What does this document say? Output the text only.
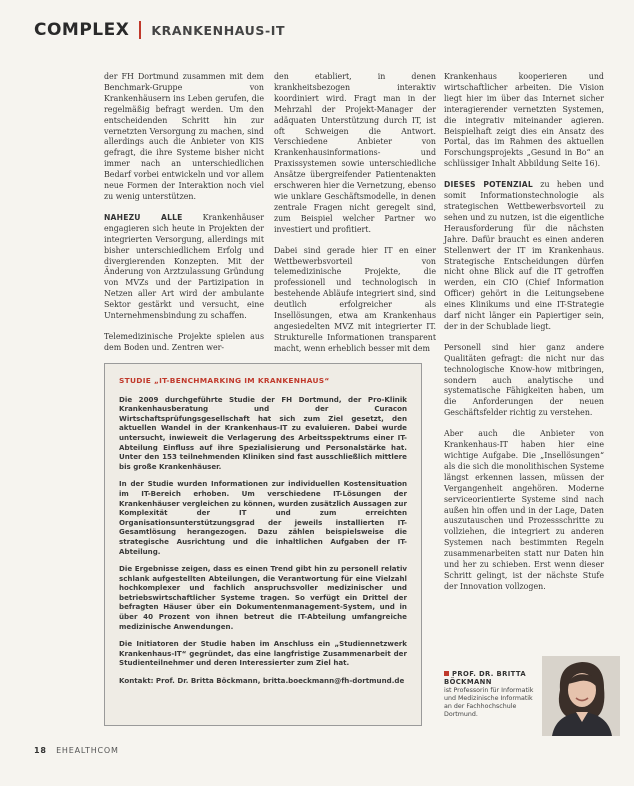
COMPLEX KRANKENHAUS-IT

der FH Dortmund zusammen mit dem Benchmark-Gruppe von Krankenhäusern ins Leben gerufen, die regelmäßig befragt werden. Um den entscheidenden Schritt hin zur vernetzten Versorgung zu machen, sind allerdings auch die Anbieter von KIS gefragt, die ihre Systeme bisher nicht immer nach an unterschiedlichen Bedarf vorbei entwickeln und vor allem neue Formen der Interaktion noch viel zu wenig unterstützen.

NAHEZU ALLE	Krankenhäuser engagieren sich heute in Projekten der integrierten Versorgung, allerdings mit bisher unterschiedlichem Erfolg und divergierenden Konzepten. Mit der Änderung von Arztzulassung Gründung von MVZs und der Partizipation in Netzen aller Art wird der ambulante Sektor gestärkt und versucht, eine Unternehmensbindung zu schaffen.

Telemedizinische Projekte spielen aus dem Boden und. Zentren wer-

den etabliert, in denen krankheitsbezogen interaktiv koordiniert wird. Fragt man in der Mehrzahl der Projekt-Manager der adäquaten Unterstützung durch IT, ist oft Schweigen die Antwort. Verschiedene Anbieter von Krankenhausinformations- und Praxissystemen sowie unterschiedliche Ansätze übergreifender Patientenakten erschweren hier die Vernetzung, ebenso wie unklare Geschäftsmodelle, in denen zentrale Fragen nicht geregelt sind, zum Beispiel welcher Partner wo investiert und profitiert.

Dabei sind gerade hier IT en einer Wettbewerbsvorteil von telemedizinische Projekte, die professionell und technologisch in bestehende Abläufe integriert sind, sind deutlich erfolgreicher als Insellösungen, etwa am Krankenhaus angesiedelten MVZ mit integrierter IT. Strukturelle Informationen transparent macht, wenn erheblich besser mit dem

Krankenhaus kooperieren und wirtschaftlicher arbeiten. Die Vision liegt hier im über das Internet sicher interagierender vernetzten Systemen, die integrativ miteinander agieren. Beispielhaft zeigt dies ein Ansatz des Portal, das im Rahmen des aktuellen Forschungsprojekts „Gesund in Bo“ an schlüssiger Inhalt Abbildung Seite 16).

DIESES POTENZIAL zu heben und somit Informationstechnologie als strategischen Wettbewerbsvorteil zu sehen und zu nutzen, ist die eigentliche Herausforderung für die nächsten Jahre. Dafür braucht es einen anderen Stellenwert der IT im Krankenhaus. Strategische Entscheidungen dürfen nicht ohne Blick auf die IT getroffen werden, ein CIO (Chief Information Officer) gehört in die Leitungsebene eines Klinikums und eine IT-Strategie darf nicht länger ein Papiertiger sein, der in der Schublade liegt.

Personell sind hier ganz andere Qualitäten gefragt: die nicht nur das technologische Know-how mitbringen, sondern auch analytische und systematische Fähigkeiten haben, um die Anforderungen der neuen Geschäftsfelder richtig zu verstehen.

Aber auch die Anbieter von Krankenhaus-IT haben hier eine wichtige Aufgabe. Die „Insellösungen“ als die sich die monolithischen Systeme längst erkennen lassen, müssen der Vergangenheit angehören. Moderne serviceorientierte Systeme sind nach außen hin offen und in der Lage, Daten auszutauschen und Prozessschritte zu vollziehen, die integriert zu anderen Systemen nach bestimmten Regeln zusammenarbeiten statt nur Daten hin und her zu schieben. Erst wenn dieser Schritt gelingt, ist der nächste Stufe der Innovation vollzogen.

STUDIE „IT-BENCHMARKING IM KRANKENHAUS“

Die 2009 durchgeführte Studie der FH Dortmund, der Pro-Klinik Krankenhausberatung und der Curacon Wirtschaftsprüfungsgesellschaft hat sich zum Ziel gesetzt, den aktuellen Wandel in der Krankenhaus-IT zu evaluieren. Dabei wurde untersucht, inwieweit die Verlagerung des Arbeitsspektrums einer IT-Abteilung Einfluss auf ihre Spezialisierung und Personalstärke hat. Unter den 153 teilnehmenden Kliniken sind fast ausschließlich mittlere bis große Krankenhäuser.

In der Studie wurden Informationen zur individuellen Kostensituation im IT-Bereich erhoben. Um verschiedene IT-Lösungen der Krankenhäuser vergleichen zu können, wurden zusätzlich Aussagen zur Komplexität der IT und zum erreichten Organisationsunterstützungsgrad der jeweils installierten IT-Gesamtlösung herangezogen. Dazu zählen beispielsweise die strategische Ausrichtung und die inhaltlichen Aufgaben der IT-Abteilung.

Die Ergebnisse zeigen, dass es einen Trend gibt hin zu personell relativ schlank aufgestellten Abteilungen, die Verantwortung für eine Vielzahl hochkomplexer und fachlich anspruchsvoller medizinischer und betriebswirtschaftlicher Systeme tragen. So verfügt ein Drittel der befragten Häuser über ein Dokumentenmanagement-System, und in über 40 Prozent von ihnen betreut die IT-Abteilung umfangreiche medizinische Anwendungen.

Die Initiatoren der Studie haben im Anschluss ein „Studiennetzwerk Krankenhaus-IT“ gegründet, das eine langfristige Zusammenarbeit der Studienteilnehmer und deren Interessierter zum Ziel hat.

Kontakt: Prof. Dr. Britta Böckmann, britta.boeckmann@fh-dortmund.de

PROF. DR. BRITTA BÖCKMANN
ist Professorin für Informatik und Medizinische Informatik an der Fachhochschule Dortmund.
18 EHEALTHCOM
